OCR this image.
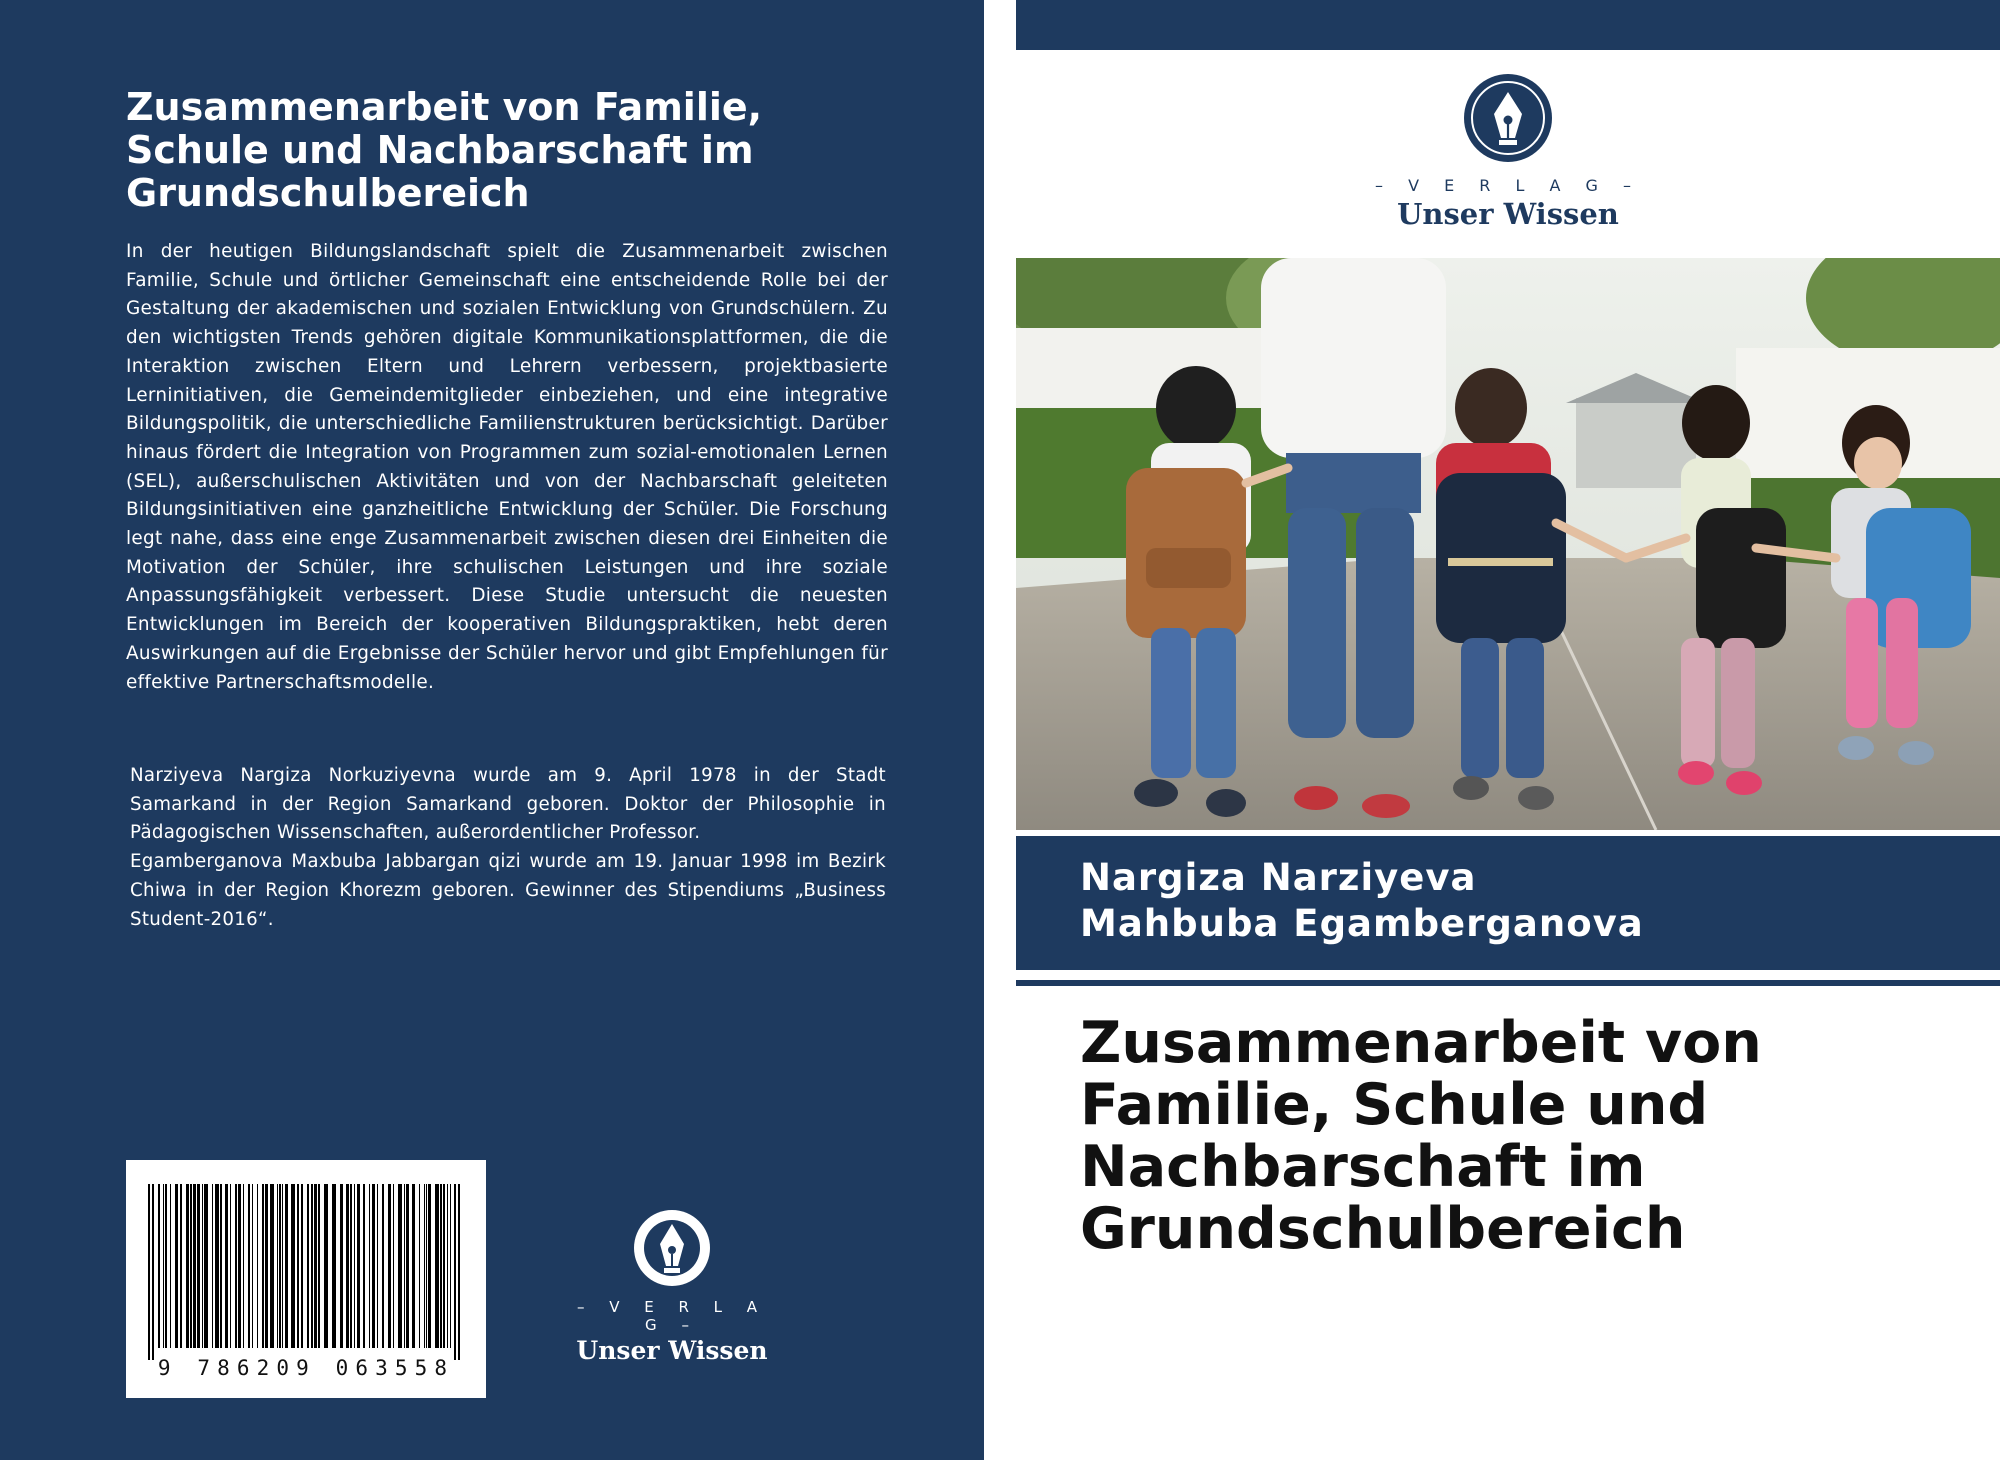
Zusammenarbeit von Familie,
Schule und Nachbarschaft im
Grundschulbereich

In der heutigen Bildungslandschaft spielt die Zusammenarbeit zwischen Familie, Schule und örtlicher Gemeinschaft eine entscheidende Rolle bei der Gestaltung der akademischen und sozialen Entwicklung von Grundschülern. Zu den wichtigsten Trends gehören digitale Kommunikationsplattformen, die die Interaktion zwischen Eltern und Lehrern verbessern, projektbasierte Lerninitiativen, die Gemeindemitglieder einbeziehen, und eine integrative Bildungspolitik, die unterschiedliche Familienstrukturen berücksichtigt. Darüber hinaus fördert die Integration von Programmen zum sozial-emotionalen Lernen (SEL), außerschulischen Aktivitäten und von der Nachbarschaft geleiteten Bildungsinitiativen eine ganzheitliche Entwicklung der Schüler. Die Forschung legt nahe, dass eine enge Zusammenarbeit zwischen diesen drei Einheiten die Motivation der Schüler, ihre schulischen Leistungen und ihre soziale Anpassungsfähigkeit verbessert. Diese Studie untersucht die neuesten Entwicklungen im Bereich der kooperativen Bildungspraktiken, hebt deren Auswirkungen auf die Ergebnisse der Schüler hervor und gibt Empfehlungen für effektive Partnerschaftsmodelle.

Narziyeva Nargiza Norkuziyevna wurde am 9. April 1978 in der Stadt Samarkand in der Region Samarkand geboren. Doktor der Philosophie in Pädagogischen Wissenschaften, außerordentlicher Professor.

Egamberganova Maxbuba Jabbargan qizi wurde am 19. Januar 1998 im Bezirk Chiwa in der Region Khorezm geboren. Gewinner des Stipendiums „Business Student-2016“.

9 786209 063558
– V E R L A G –
Unser Wissen
– V E R L A G –
Unser Wissen
Nargiza Narziyeva
Mahbuba Egamberganova
Zusammenarbeit von
Familie, Schule und
Nachbarschaft im
Grundschulbereich
